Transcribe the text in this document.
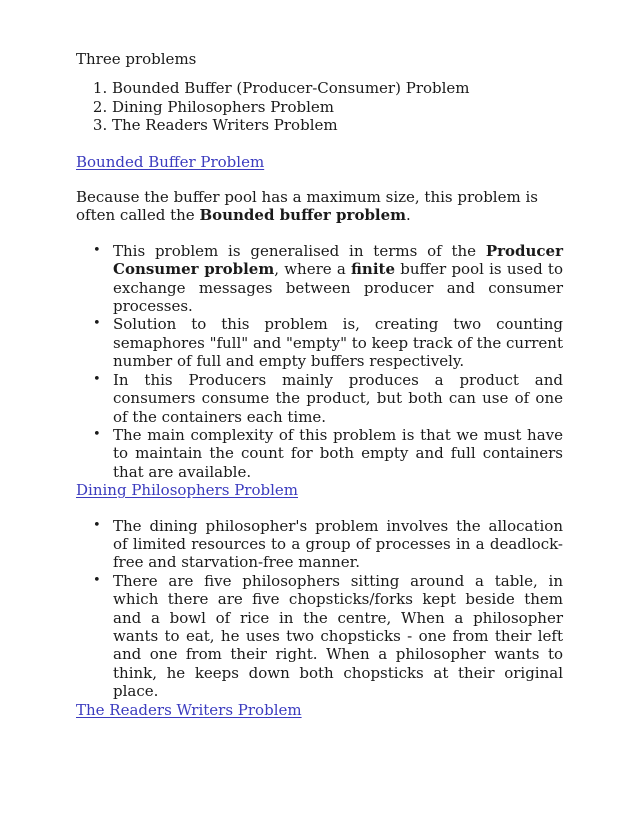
Three problems

1. Bounded Buffer (Producer-Consumer) Problem
2. Dining Philosophers Problem
3. The Readers Writers Problem
Bounded Buffer Problem

Because the buffer pool has a maximum size, this problem is often called the Bounded buffer problem.

• This problem is generalised in terms of the Producer Consumer problem, where a finite buffer pool is used to exchange messages between producer and consumer processes.
• Solution to this problem is, creating two counting semaphores "full" and "empty" to keep track of the current number of full and empty buffers respectively.
• In this Producers mainly produces a product and consumers consume the product, but both can use of one of the containers each time.
• The main complexity of this problem is that we must have to maintain the count for both empty and full containers that are available.
Dining Philosophers Problem
• The dining philosopher's problem involves the allocation of limited resources to a group of processes in a deadlock-free and starvation-free manner.
• There are five philosophers sitting around a table, in which there are five chopsticks/forks kept beside them and a bowl of rice in the centre, When a philosopher wants to eat, he uses two chopsticks - one from their left and one from their right. When a philosopher wants to think, he keeps down both chopsticks at their original place.
The Readers Writers Problem
